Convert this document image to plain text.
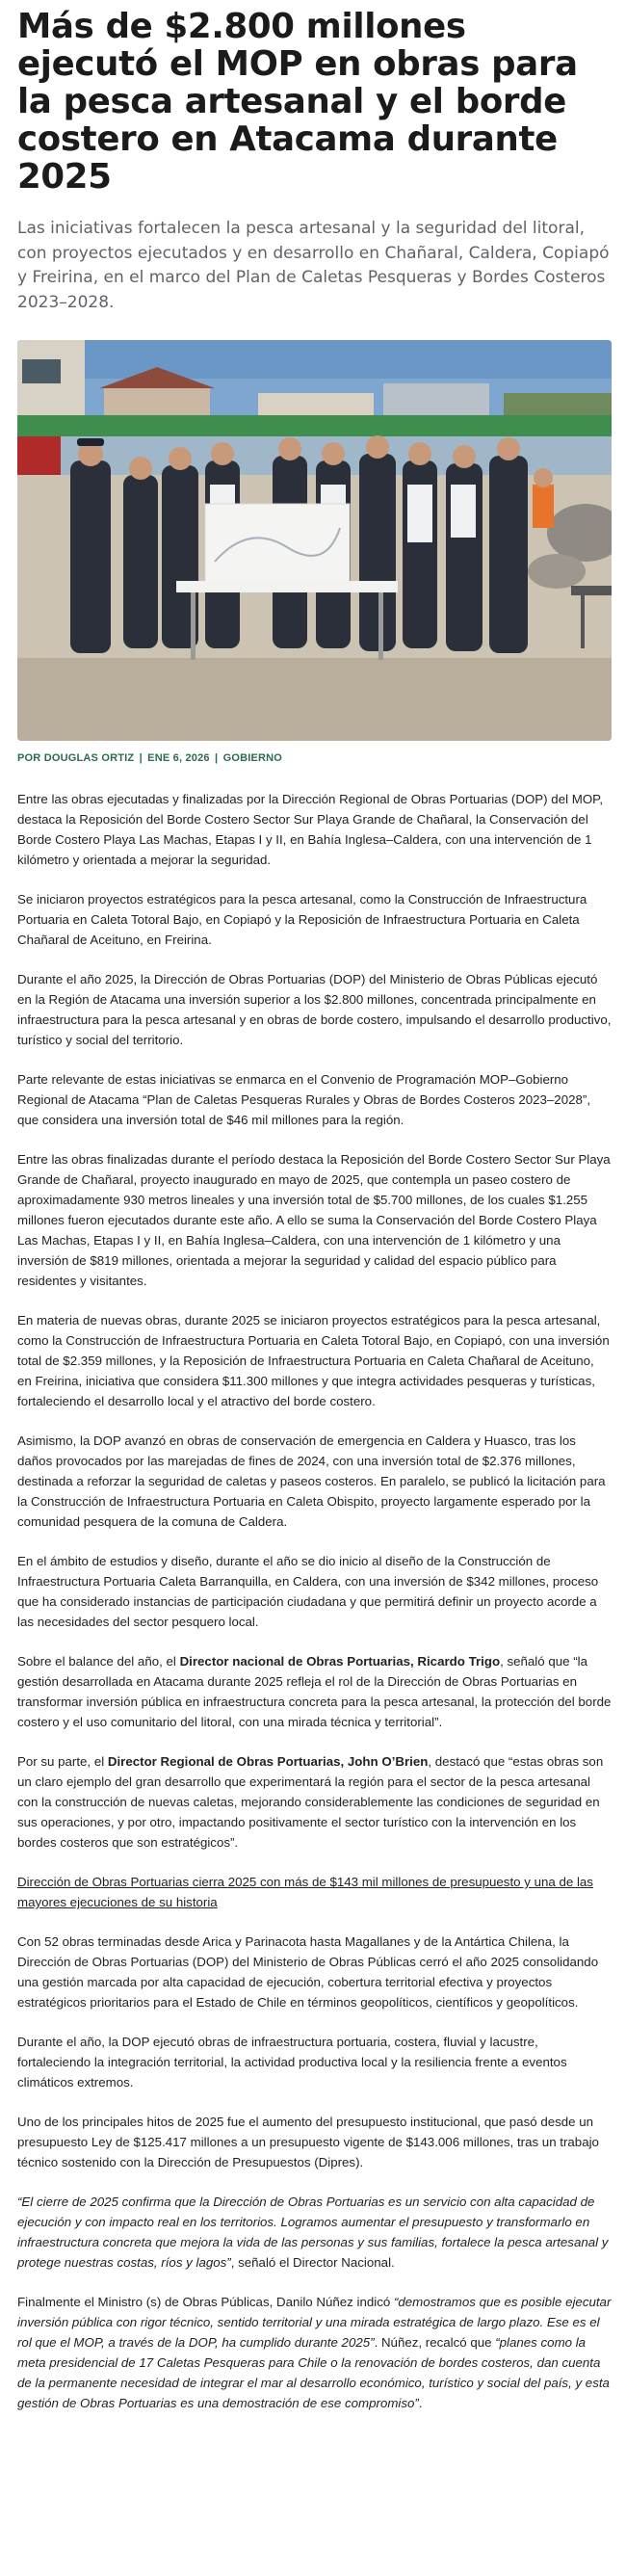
Más de $2.800 millones ejecutó el MOP en obras para la pesca artesanal y el borde costero en Atacama durante 2025

Las iniciativas fortalecen la pesca artesanal y la seguridad del litoral, con proyectos ejecutados y en desarrollo en Chañaral, Caldera, Copiapó y Freirina, en el marco del Plan de Caletas Pesqueras y Bordes Costeros 2023–2028.

POR DOUGLAS ORTIZ | ENE 6, 2026 | GOBIERNO

Entre las obras ejecutadas y finalizadas por la Dirección Regional de Obras Portuarias (DOP) del MOP, destaca la Reposición del Borde Costero Sector Sur Playa Grande de Chañaral, la Conservación del Borde Costero Playa Las Machas, Etapas I y II, en Bahía Inglesa–Caldera, con una intervención de 1 kilómetro y orientada a mejorar la seguridad.

Se iniciaron proyectos estratégicos para la pesca artesanal, como la Construcción de Infraestructura Portuaria en Caleta Totoral Bajo, en Copiapó y la Reposición de Infraestructura Portuaria en Caleta Chañaral de Aceituno, en Freirina.

Durante el año 2025, la Dirección de Obras Portuarias (DOP) del Ministerio de Obras Públicas ejecutó en la Región de Atacama una inversión superior a los $2.800 millones, concentrada principalmente en infraestructura para la pesca artesanal y en obras de borde costero, impulsando el desarrollo productivo, turístico y social del territorio.

Parte relevante de estas iniciativas se enmarca en el Convenio de Programación MOP–Gobierno Regional de Atacama “Plan de Caletas Pesqueras Rurales y Obras de Bordes Costeros 2023–2028”, que considera una inversión total de $46 mil millones para la región.

Entre las obras finalizadas durante el período destaca la Reposición del Borde Costero Sector Sur Playa Grande de Chañaral, proyecto inaugurado en mayo de 2025, que contempla un paseo costero de aproximadamente 930 metros lineales y una inversión total de $5.700 millones, de los cuales $1.255 millones fueron ejecutados durante este año. A ello se suma la Conservación del Borde Costero Playa Las Machas, Etapas I y II, en Bahía Inglesa–Caldera, con una intervención de 1 kilómetro y una inversión de $819 millones, orientada a mejorar la seguridad y calidad del espacio público para residentes y visitantes.

En materia de nuevas obras, durante 2025 se iniciaron proyectos estratégicos para la pesca artesanal, como la Construcción de Infraestructura Portuaria en Caleta Totoral Bajo, en Copiapó, con una inversión total de $2.359 millones, y la Reposición de Infraestructura Portuaria en Caleta Chañaral de Aceituno, en Freirina, iniciativa que considera $11.300 millones y que integra actividades pesqueras y turísticas, fortaleciendo el desarrollo local y el atractivo del borde costero.

Asimismo, la DOP avanzó en obras de conservación de emergencia en Caldera y Huasco, tras los daños provocados por las marejadas de fines de 2024, con una inversión total de $2.376 millones, destinada a reforzar la seguridad de caletas y paseos costeros. En paralelo, se publicó la licitación para la Construcción de Infraestructura Portuaria en Caleta Obispito, proyecto largamente esperado por la comunidad pesquera de la comuna de Caldera.

En el ámbito de estudios y diseño, durante el año se dio inicio al diseño de la Construcción de Infraestructura Portuaria Caleta Barranquilla, en Caldera, con una inversión de $342 millones, proceso que ha considerado instancias de participación ciudadana y que permitirá definir un proyecto acorde a las necesidades del sector pesquero local.

Sobre el balance del año, el Director nacional de Obras Portuarias, Ricardo Trigo, señaló que “la gestión desarrollada en Atacama durante 2025 refleja el rol de la Dirección de Obras Portuarias en transformar inversión pública en infraestructura concreta para la pesca artesanal, la protección del borde costero y el uso comunitario del litoral, con una mirada técnica y territorial”.

Por su parte, el Director Regional de Obras Portuarias, John O’Brien, destacó que “estas obras son un claro ejemplo del gran desarrollo que experimentará la región para el sector de la pesca artesanal con la construcción de nuevas caletas, mejorando considerablemente las condiciones de seguridad en sus operaciones, y por otro, impactando positivamente el sector turístico con la intervención en los bordes costeros que son estratégicos”.

Dirección de Obras Portuarias cierra 2025 con más de $143 mil millones de presupuesto y una de las mayores ejecuciones de su historia

Con 52 obras terminadas desde Arica y Parinacota hasta Magallanes y de la Antártica Chilena, la Dirección de Obras Portuarias (DOP) del Ministerio de Obras Públicas cerró el año 2025 consolidando una gestión marcada por alta capacidad de ejecución, cobertura territorial efectiva y proyectos estratégicos prioritarios para el Estado de Chile en términos geopolíticos, científicos y geopolíticos.

Durante el año, la DOP ejecutó obras de infraestructura portuaria, costera, fluvial y lacustre, fortaleciendo la integración territorial, la actividad productiva local y la resiliencia frente a eventos climáticos extremos.

Uno de los principales hitos de 2025 fue el aumento del presupuesto institucional, que pasó desde un presupuesto Ley de $125.417 millones a un presupuesto vigente de $143.006 millones, tras un trabajo técnico sostenido con la Dirección de Presupuestos (Dipres).

“El cierre de 2025 confirma que la Dirección de Obras Portuarias es un servicio con alta capacidad de ejecución y con impacto real en los territorios. Logramos aumentar el presupuesto y transformarlo en infraestructura concreta que mejora la vida de las personas y sus familias, fortalece la pesca artesanal y protege nuestras costas, ríos y lagos”, señaló el Director Nacional.

Finalmente el Ministro (s) de Obras Públicas, Danilo Núñez indicó “demostramos que es posible ejecutar inversión pública con rigor técnico, sentido territorial y una mirada estratégica de largo plazo. Ese es el rol que el MOP, a través de la DOP, ha cumplido durante 2025”. Núñez, recalcó que “planes como la meta presidencial de 17 Caletas Pesqueras para Chile o la renovación de bordes costeros, dan cuenta de la permanente necesidad de integrar el mar al desarrollo económico, turístico y social del país, y esta gestión de Obras Portuarias es una demostración de ese compromiso”.
